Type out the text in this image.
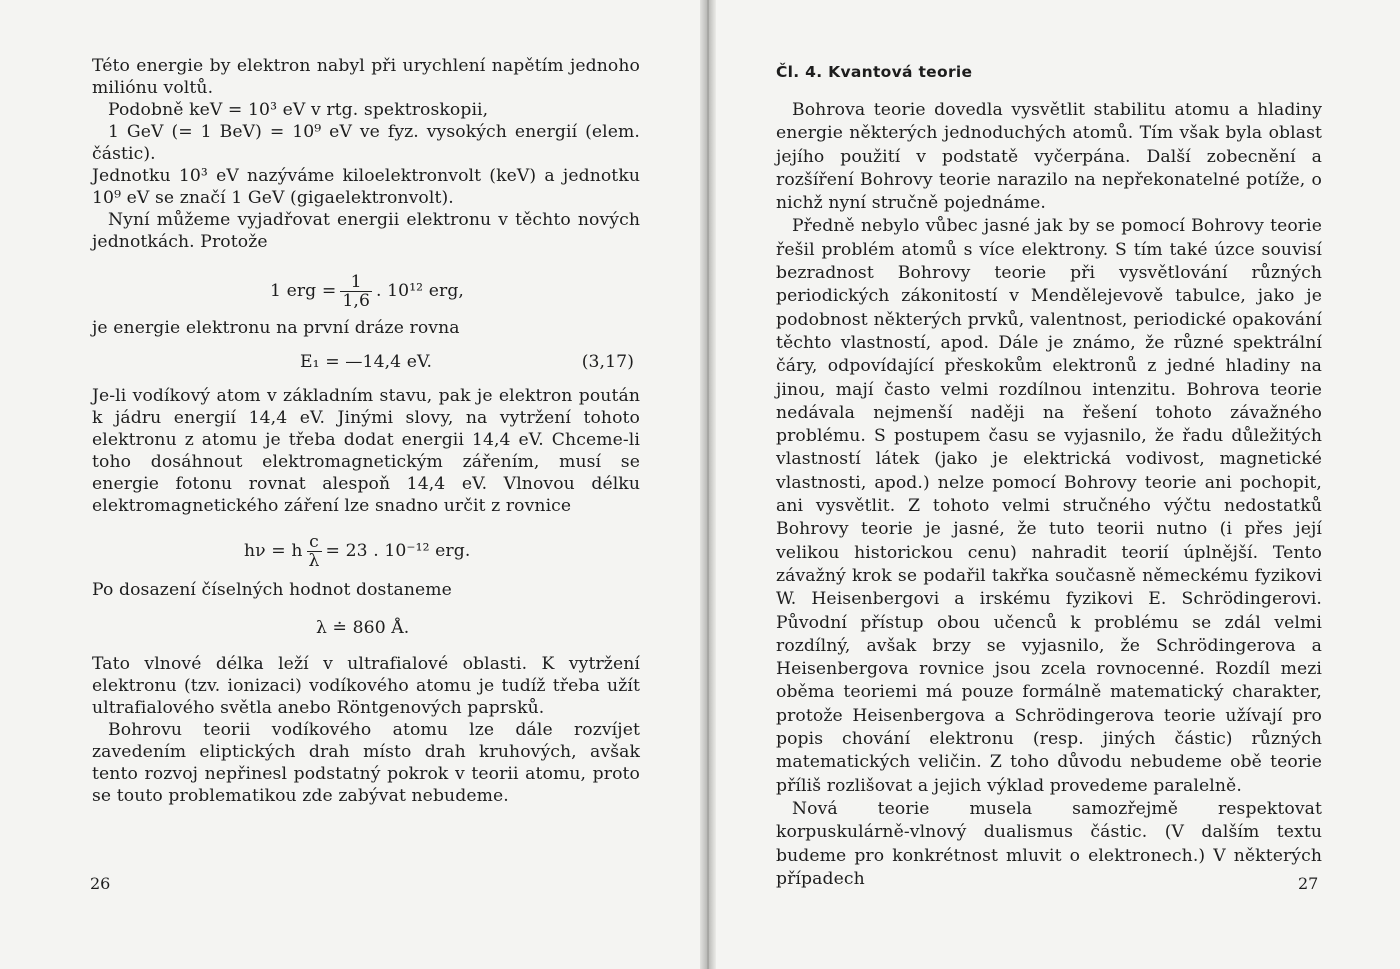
Této energie by elektron nabyl při urychlení napětím jednoho miliónu voltů.

Podobně keV = 10³ eV v rtg. spektroskopii,

1 GeV (= 1 BeV) = 10⁹ eV ve fyz. vysokých energií (elem. částic).

Jednotku 10³ eV nazýváme kiloelektronvolt (keV) a jednotku 10⁹ eV se značí 1 GeV (gigaelektronvolt).

Nyní můžeme vyjadřovat energii elektronu v těchto nových jednotkách. Protože

1 erg = $\frac{1}{1,6}$ . 10¹² erg,

je energie elektronu na první dráze rovna

E₁ = —14,4 eV.	(3,17)

Je-li vodíkový atom v základním stavu, pak je elektron poután k jádru energií 14,4 eV. Jinými slovy, na vytržení tohoto elektronu z atomu je třeba dodat energii 14,4 eV. Chceme-li toho dosáhnout elektromagnetickým zářením, musí se energie fotonu rovnat alespoň 14,4 eV. Vlnovou délku elektromagnetického záření lze snadno určit z rovnice

hν = h $\frac{c}{\lambda} = 23$ . 10⁻¹² erg.

Po dosazení číselných hodnot dostaneme

λ ≐ 860 Å.

Tato vlnové délka leží v ultrafialové oblasti. K vytržení elektronu (tzv. ionizaci) vodíkového atomu je tudíž třeba užít ultrafialového světla anebo Röntgenových paprsků.

Bohrovu teorii vodíkového atomu lze dále rozvíjet zavedením eliptických drah místo drah kruhových, avšak tento rozvoj nepřinesl podstatný pokrok v teorii atomu, proto se touto problematikou zde zabývat nebudeme.

26
Čl. 4. Kvantová teorie

Bohrova teorie dovedla vysvětlit stabilitu atomu a hladiny energie některých jednoduchých atomů. Tím však byla oblast jejího použití v podstatě vyčerpána. Další zobecnění a rozšíření Bohrovy teorie narazilo na nepřekonatelné potíže, o nichž nyní stručně pojednáme.

Předně nebylo vůbec jasné jak by se pomocí Bohrovy teorie řešil problém atomů s více elektrony. S tím také úzce souvisí bezradnost Bohrovy teorie při vysvětlování různých periodických zákonitostí v Mendělejevově tabulce, jako je podobnost některých prvků, valentnost, periodické opakování těchto vlastností, apod. Dále je známo, že různé spektrální čáry, odpovídající přeskokům elektronů z jedné hladiny na jinou, mají často velmi rozdílnou intenzitu. Bohrova teorie nedávala nejmenší naději na řešení tohoto závažného problému. S postupem času se vyjasnilo, že řadu důležitých vlastností látek (jako je elektrická vodivost, magnetické vlastnosti, apod.) nelze pomocí Bohrovy teorie ani pochopit, ani vysvětlit. Z tohoto velmi stručného výčtu nedostatků Bohrovy teorie je jasné, že tuto teorii nutno (i přes její velikou historickou cenu) nahradit teorií úplnější. Tento závažný krok se podařil takřka současně německému fyzikovi W. Heisenbergovi a irskému fyzikovi E. Schrödingerovi. Původní přístup obou učenců k problému se zdál velmi rozdílný, avšak brzy se vyjasnilo, že Schrödingerova a Heisenbergova rovnice jsou zcela rovnocenné. Rozdíl mezi oběma teoriemi má pouze formálně matematický charakter, protože Heisenbergova a Schrödingerova teorie užívají pro popis chování elektronu (resp. jiných částic) různých matematických veličin. Z toho důvodu nebudeme obě teorie příliš rozlišovat a jejich výklad provedeme paralelně.

Nová teorie musela samozřejmě respektovat korpuskulárně-vlnový dualismus částic. (V dalším textu budeme pro konkrétnost mluvit o elektronech.) V některých případech	27
